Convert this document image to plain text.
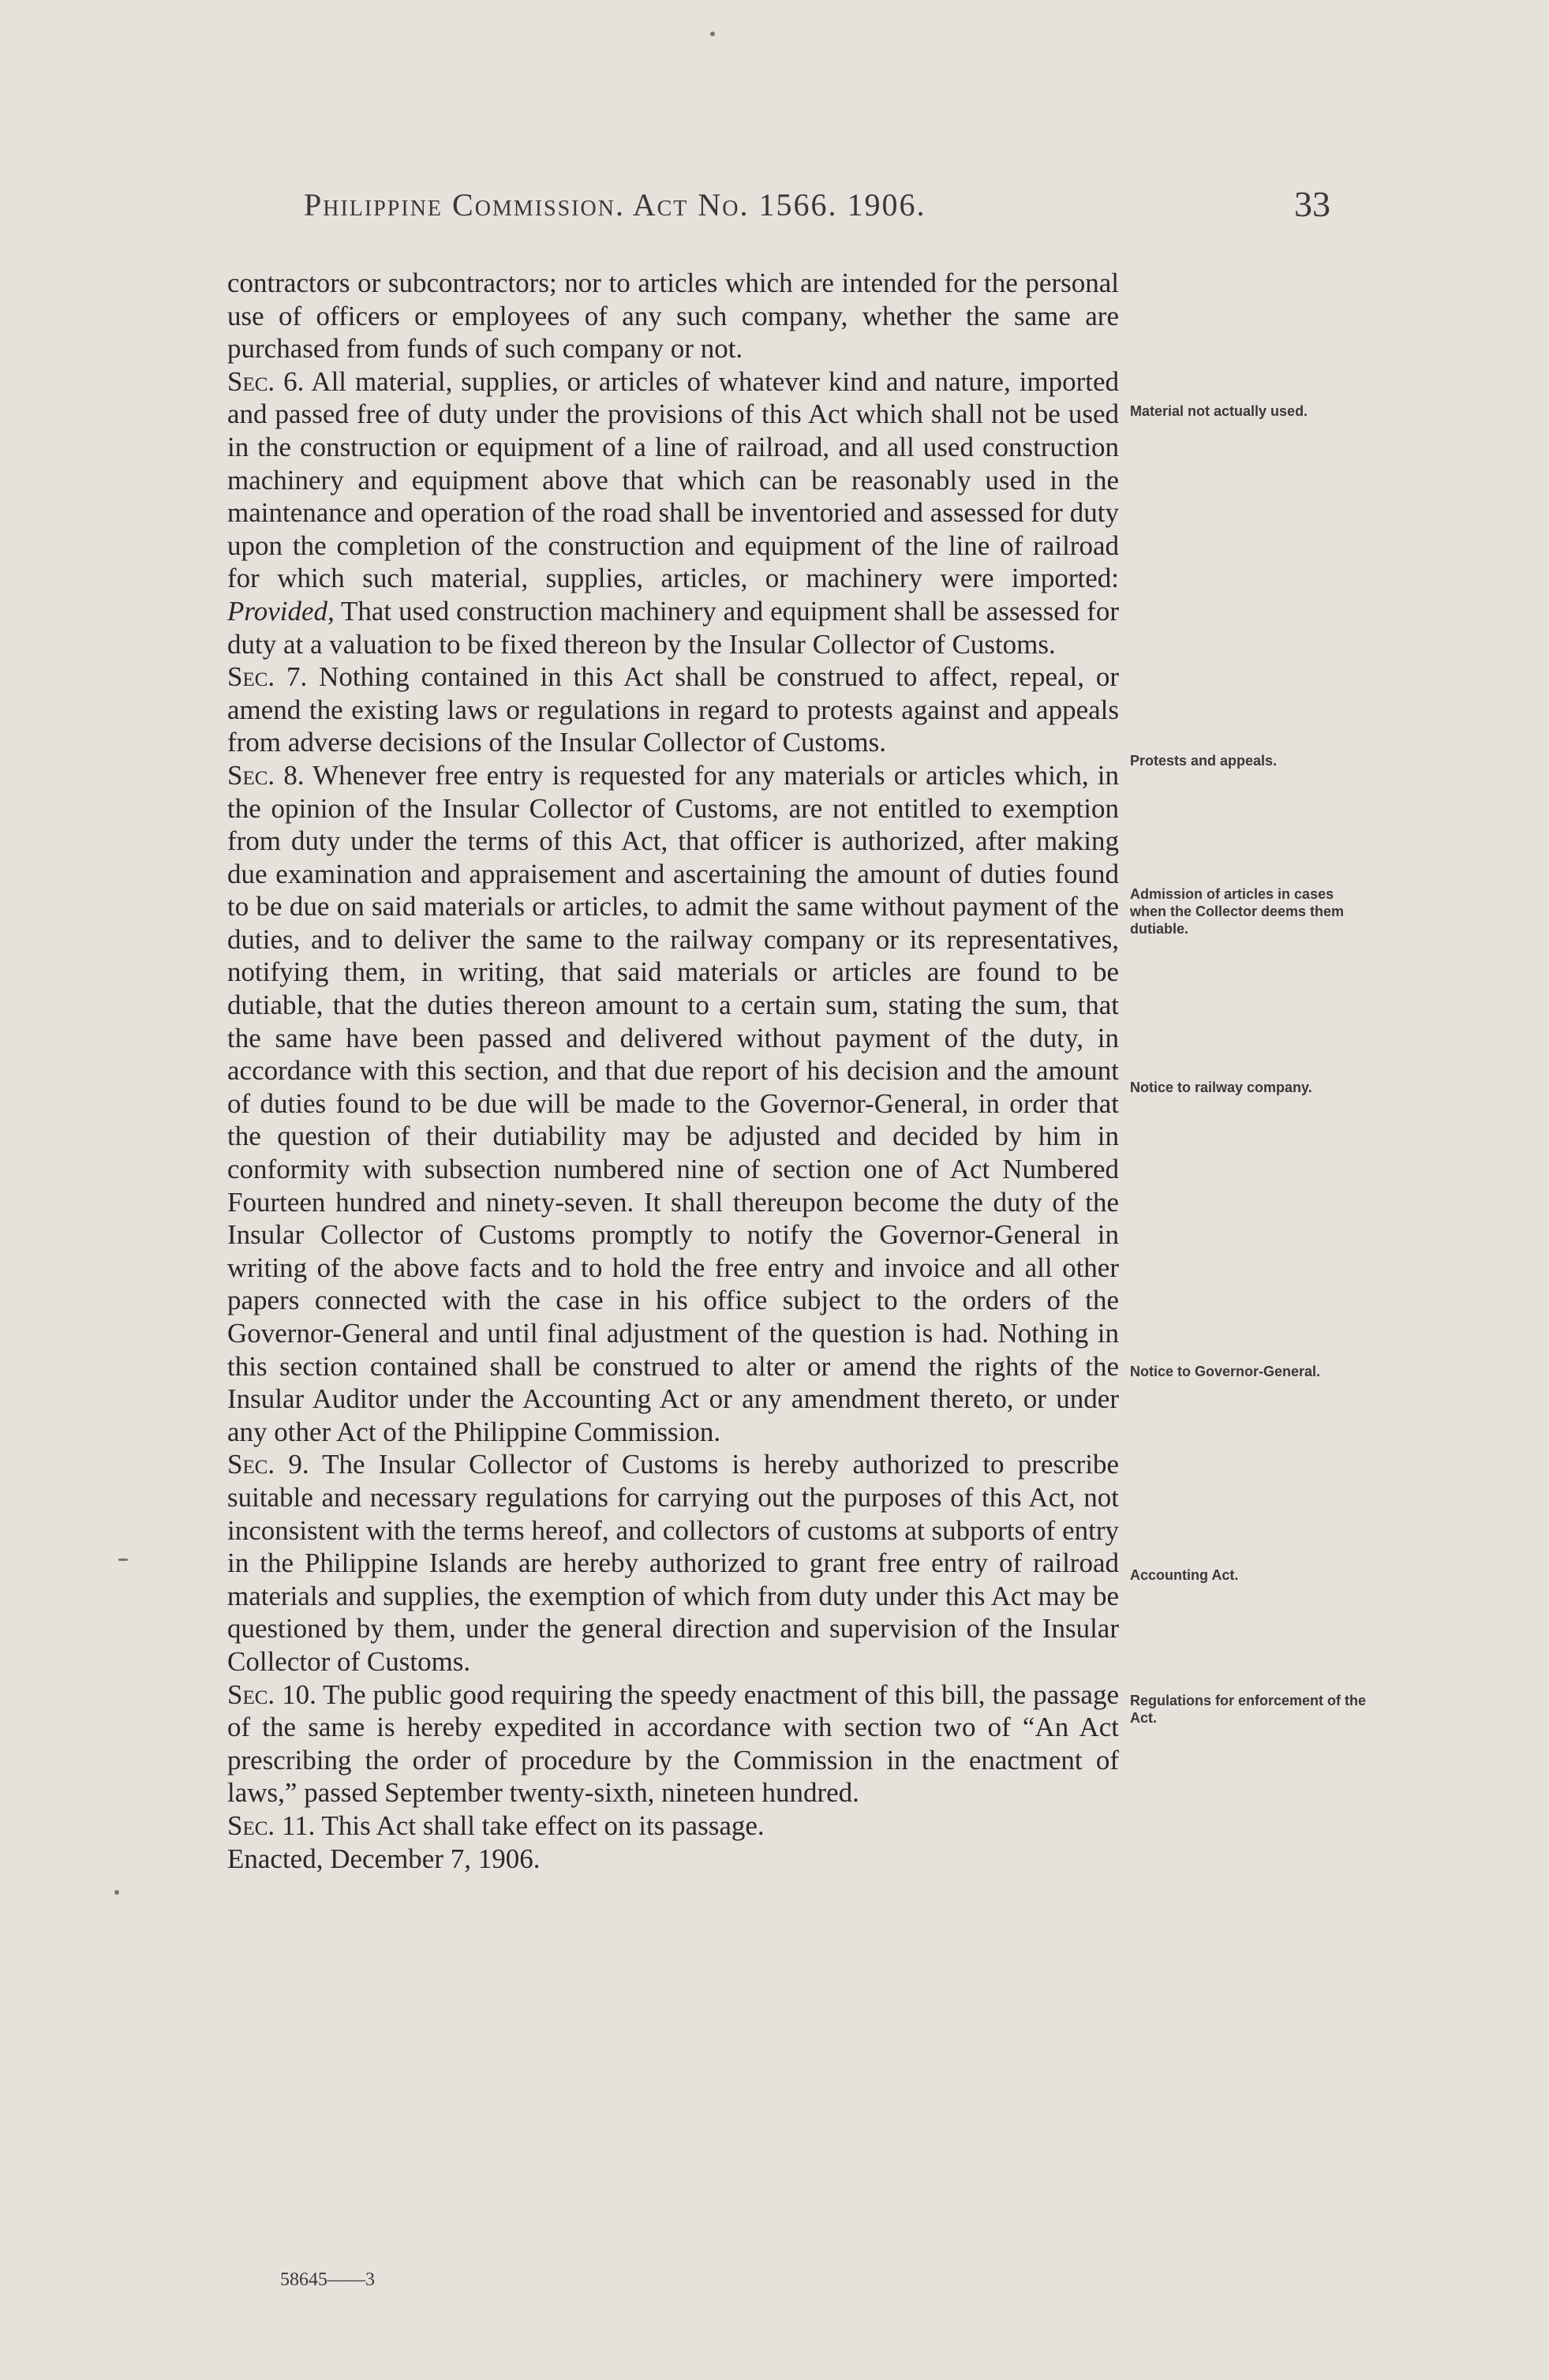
Philippine Commission. Act No. 1566. 1906.	33

contractors or subcontractors; nor to articles which are intended for the personal use of officers or employees of any such company, whether the same are purchased from funds of such company or not.

Sec. 6. All material, supplies, or articles of whatever kind and nature, imported and passed free of duty under the provisions of this Act which shall not be used in the construction or equipment of a line of railroad, and all used construction machinery and equipment above that which can be reasonably used in the maintenance and operation of the road shall be inventoried and assessed for duty upon the completion of the construction and equipment of the line of railroad for which such material, supplies, articles, or machinery were imported: Provided, That used construction machinery and equipment shall be assessed for duty at a valuation to be fixed thereon by the Insular Collector of Customs.

Sec. 7. Nothing contained in this Act shall be construed to affect, repeal, or amend the existing laws or regulations in regard to protests against and appeals from adverse decisions of the Insular Collector of Customs.

Sec. 8. Whenever free entry is requested for any materials or articles which, in the opinion of the Insular Collector of Customs, are not entitled to exemption from duty under the terms of this Act, that officer is authorized, after making due examination and appraisement and ascertaining the amount of duties found to be due on said materials or articles, to admit the same without payment of the duties, and to deliver the same to the railway company or its representatives, notifying them, in writing, that said materials or articles are found to be dutiable, that the duties thereon amount to a certain sum, stating the sum, that the same have been passed and delivered without payment of the duty, in accordance with this section, and that due report of his decision and the amount of duties found to be due will be made to the Governor-General, in order that the question of their dutiability may be adjusted and decided by him in conformity with subsection numbered nine of section one of Act Numbered Fourteen hundred and ninety-seven. It shall thereupon become the duty of the Insular Collector of Customs promptly to notify the Governor-General in writing of the above facts and to hold the free entry and invoice and all other papers connected with the case in his office subject to the orders of the Governor-General and until final adjustment of the question is had. Nothing in this section contained shall be construed to alter or amend the rights of the Insular Auditor under the Accounting Act or any amendment thereto, or under any other Act of the Philippine Commission.

Sec. 9. The Insular Collector of Customs is hereby authorized to prescribe suitable and necessary regulations for carrying out the purposes of this Act, not inconsistent with the terms hereof, and collectors of customs at subports of entry in the Philippine Islands are hereby authorized to grant free entry of railroad materials and supplies, the exemption of which from duty under this Act may be questioned by them, under the general direction and supervision of the Insular Collector of Customs.

Sec. 10. The public good requiring the speedy enactment of this bill, the passage of the same is hereby expedited in accordance with section two of “An Act prescribing the order of procedure by the Commission in the enactment of laws,” passed September twenty-sixth, nineteen hundred.

Sec. 11. This Act shall take effect on its passage.

Enacted, December 7, 1906.

58645——3
Material not actually used.
Protests and appeals.
Admission of articles in cases when the Collector deems them dutiable.
Notice to railway company.
Notice to Governor-General.
Accounting Act.
Regulations for enforcement of the Act.
